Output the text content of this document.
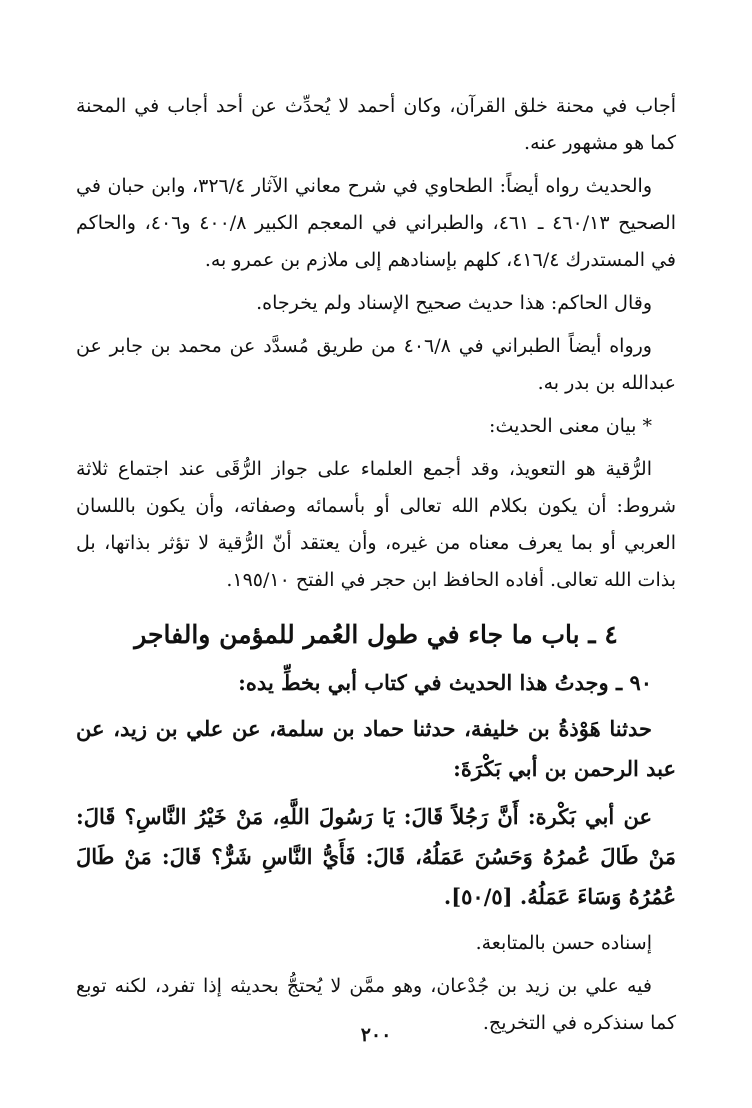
أجاب في محنة خلق القرآن، وكان أحمد لا يُحدِّث عن أحد أجاب في المحنة كما هو مشهور عنه.

والحديث رواه أيضاً: الطحاوي في شرح معاني الآثار ٣٢٦/٤، وابن حبان في الصحيح ٤٦٠/١٣ ـ ٤٦١، والطبراني في المعجم الكبير ٤٠٠/٨ و٤٠٦، والحاكم في المستدرك ٤١٦/٤، كلهم بإسنادهم إلى ملازم بن عمرو به.

وقال الحاكم: هذا حديث صحيح الإسناد ولم يخرجاه.

ورواه أيضاً الطبراني في ٤٠٦/٨ من طريق مُسدَّد عن محمد بن جابر عن عبدالله بن بدر به.

* بيان معنى الحديث:

الرُّقية هو التعويذ، وقد أجمع العلماء على جواز الرُّقَى عند اجتماع ثلاثة شروط: أن يكون بكلام الله تعالى أو بأسمائه وصفاته، وأن يكون باللسان العربي أو بما يعرف معناه من غيره، وأن يعتقد أنّ الرُّقية لا تؤثر بذاتها، بل بذات الله تعالى. أفاده الحافظ ابن حجر في الفتح ١٩٥/١٠.

٤ ـ باب ما جاء في طول العُمر للمؤمن والفاجر

٩٠ ـ وجدتُ هذا الحديث في كتاب أبي بخطِّ يده:

حدثنا هَوْذةُ بن خليفة، حدثنا حماد بن سلمة، عن علي بن زيد، عن عبد الرحمن بن أبي بَكْرَةَ:

عن أبي بَكْرة: أَنَّ رَجُلاً قَالَ: يَا رَسُولَ اللَّهِ، مَنْ خَيْرُ النَّاسِ؟ قَالَ: مَنْ طَالَ عُمرُهُ وَحَسُنَ عَمَلُهُ، قَالَ: فَأَيُّ النَّاسِ شَرٌّ؟ قَالَ: مَنْ طَالَ عُمُرُهُ وَسَاءَ عَمَلُهُ. [٥٠/٥].

إسناده حسن بالمتابعة.

فيه علي بن زيد بن جُدْعان، وهو ممَّن لا يُحتجُّ بحديثه إذا تفرد، لكنه توبع كما سنذكره في التخريج.

٢٠٠
